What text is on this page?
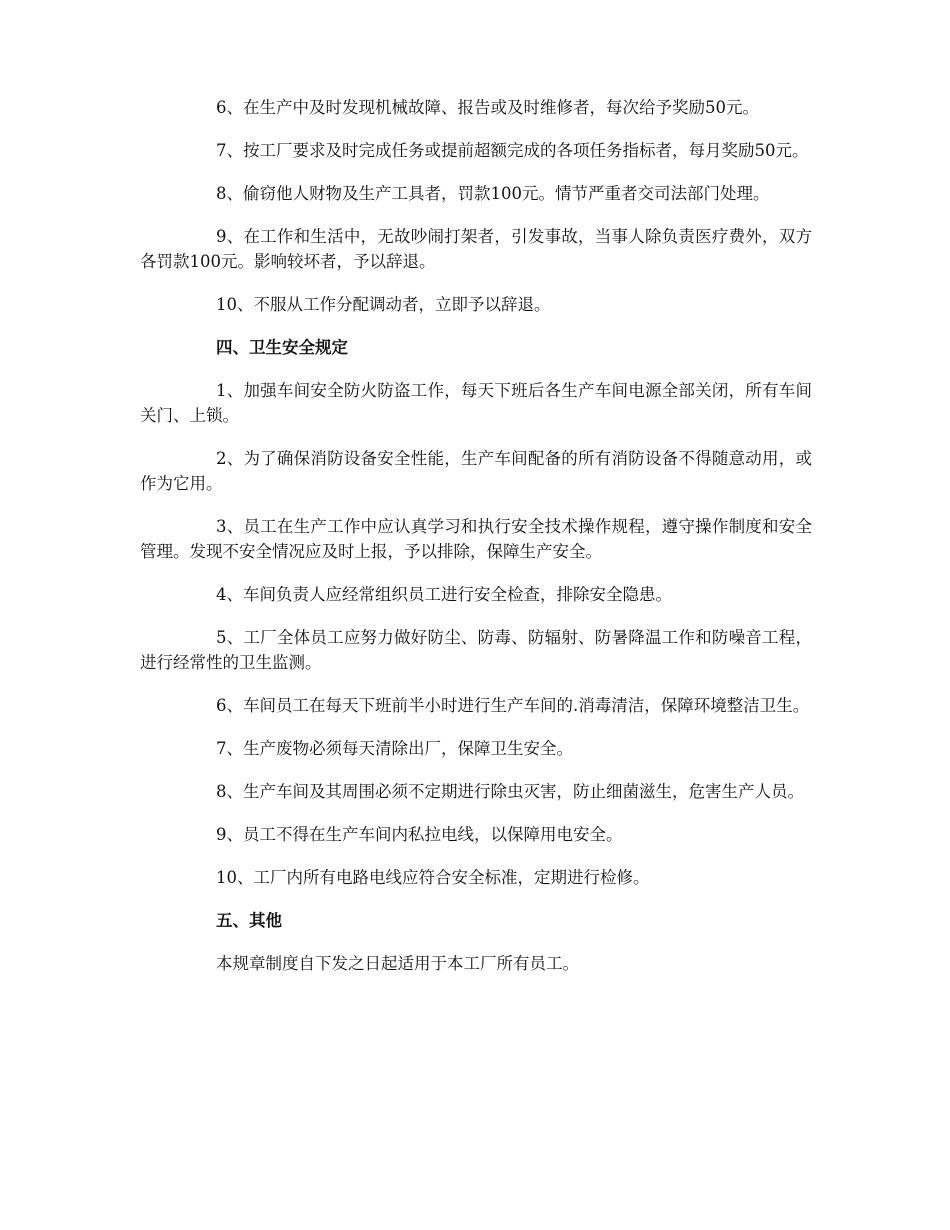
6、在生产中及时发现机械故障、报告或及时维修者，每次给予奖励50元。

7、按工厂要求及时完成任务或提前超额完成的各项任务指标者，每月奖励50元。

8、偷窃他人财物及生产工具者，罚款100元。情节严重者交司法部门处理。

9、在工作和生活中，无故吵闹打架者，引发事故，当事人除负责医疗费外，双方各罚款100元。影响较坏者，予以辞退。

10、不服从工作分配调动者，立即予以辞退。

四、卫生安全规定

1、加强车间安全防火防盗工作，每天下班后各生产车间电源全部关闭，所有车间关门、上锁。

2、为了确保消防设备安全性能，生产车间配备的所有消防设备不得随意动用，或作为它用。

3、员工在生产工作中应认真学习和执行安全技术操作规程，遵守操作制度和安全管理。发现不安全情况应及时上报，予以排除，保障生产安全。

4、车间负责人应经常组织员工进行安全检查，排除安全隐患。

5、工厂全体员工应努力做好防尘、防毒、防辐射、防暑降温工作和防噪音工程，进行经常性的卫生监测。

6、车间员工在每天下班前半小时进行生产车间的.消毒清洁，保障环境整洁卫生。

7、生产废物必须每天清除出厂，保障卫生安全。

8、生产车间及其周围必须不定期进行除虫灭害，防止细菌滋生，危害生产人员。

9、员工不得在生产车间内私拉电线，以保障用电安全。

10、工厂内所有电路电线应符合安全标准，定期进行检修。

五、其他

本规章制度自下发之日起适用于本工厂所有员工。
